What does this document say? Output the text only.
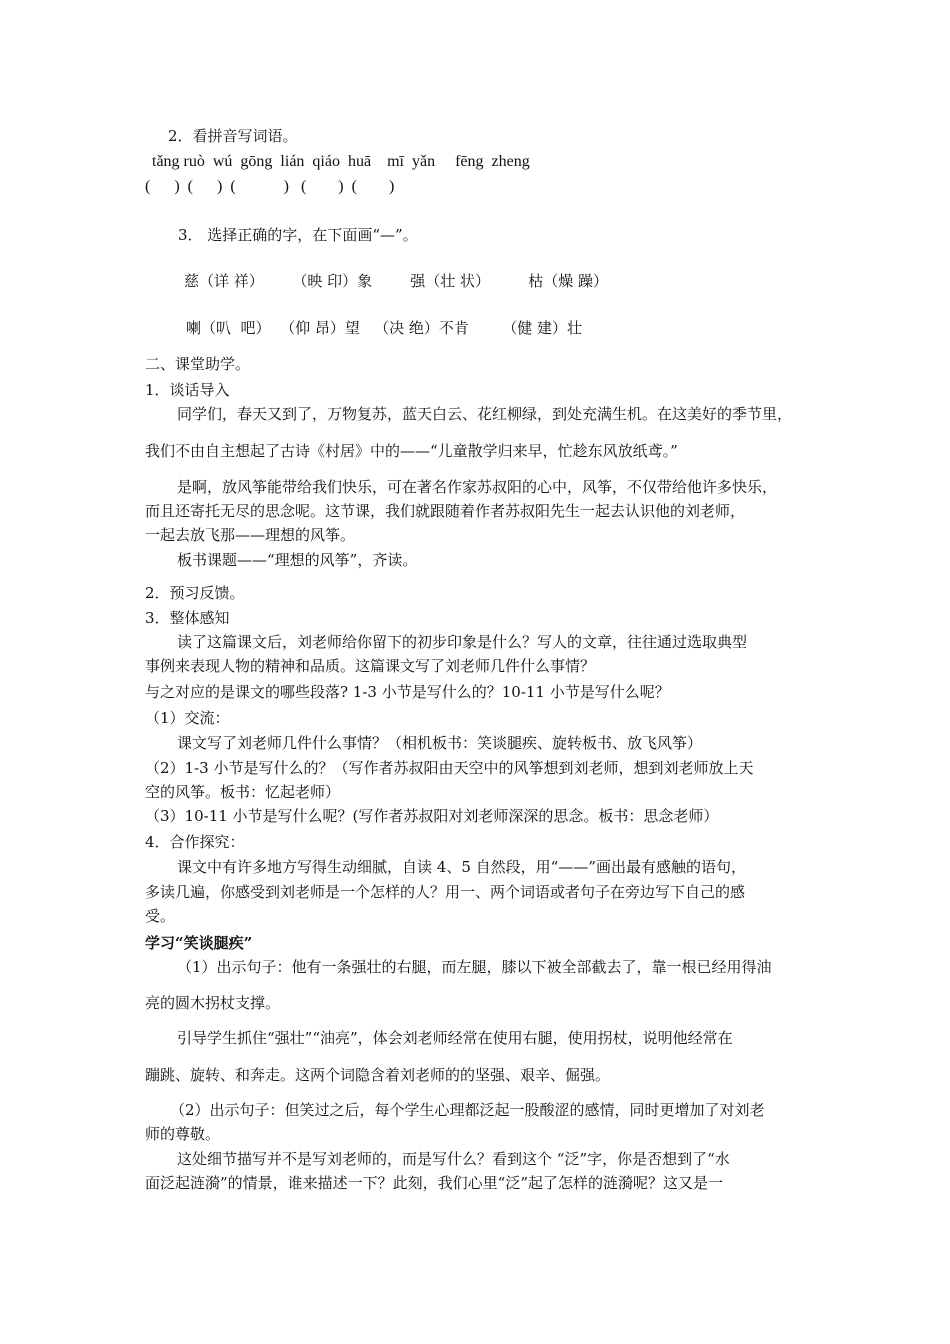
2．看拼音写词语。

tǎng ruò  wú  gōng  lián  qiáo  huā    mī  yǎn     fēng  zheng

(      )  (      )  (            )   (        )  (        )

3． 选择正确的字，在下面画“—”。

慈（详 祥）      （映 印）象        强（壮 状）        枯（燥 躁）

喇（叭  吧）  （仰 昂）望   （决 绝）不肯       （健 建）壮

二、课堂助学。

1．谈话导入

同学们，春天又到了，万物复苏，蓝天白云、花红柳绿，到处充满生机。在这美好的季节里，

我们不由自主想起了古诗《村居》中的——“儿童散学归来早，忙趁东风放纸鸢。”

是啊，放风筝能带给我们快乐，可在著名作家苏叔阳的心中，风筝，不仅带给他许多快乐，

而且还寄托无尽的思念呢。这节课，我们就跟随着作者苏叔阳先生一起去认识他的刘老师，

一起去放飞那——理想的风筝。

板书课题——“理想的风筝”，齐读。

2．预习反馈。

3．整体感知

读了这篇课文后，刘老师给你留下的初步印象是什么？写人的文章，往往通过选取典型

事例来表现人物的精神和品质。这篇课文写了刘老师几件什么事情？

与之对应的是课文的哪些段落? 1-3 小节是写什么的？10-11 小节是写什么呢？

（1）交流：

课文写了刘老师几件什么事情？（相机板书：笑谈腿疾、旋转板书、放飞风筝）

（2）1-3 小节是写什么的？（写作者苏叔阳由天空中的风筝想到刘老师，想到刘老师放上天

空的风筝。板书：忆起老师）

（3）10-11 小节是写什么呢？(写作者苏叔阳对刘老师深深的思念。板书：思念老师）

4．合作探究：

课文中有许多地方写得生动细腻，自读 4、5 自然段，用“——”画出最有感触的语句，

多读几遍，你感受到刘老师是一个怎样的人？用一、两个词语或者句子在旁边写下自己的感

受。

学习“笑谈腿疾”

（1）出示句子：他有一条强壮的右腿，而左腿，膝以下被全部截去了，靠一根已经用得油

亮的圆木拐杖支撑。

引导学生抓住“强壮”“油亮”，体会刘老师经常在使用右腿，使用拐杖，说明他经常在

蹦跳、旋转、和奔走。这两个词隐含着刘老师的的坚强、艰辛、倔强。

（2）出示句子：但笑过之后，每个学生心理都泛起一股酸涩的感情，同时更增加了对刘老

师的尊敬。

这处细节描写并不是写刘老师的，而是写什么？看到这个 “泛”字，你是否想到了“水

面泛起涟漪”的情景，谁来描述一下？此刻，我们心里“泛”起了怎样的涟漪呢？这又是一
